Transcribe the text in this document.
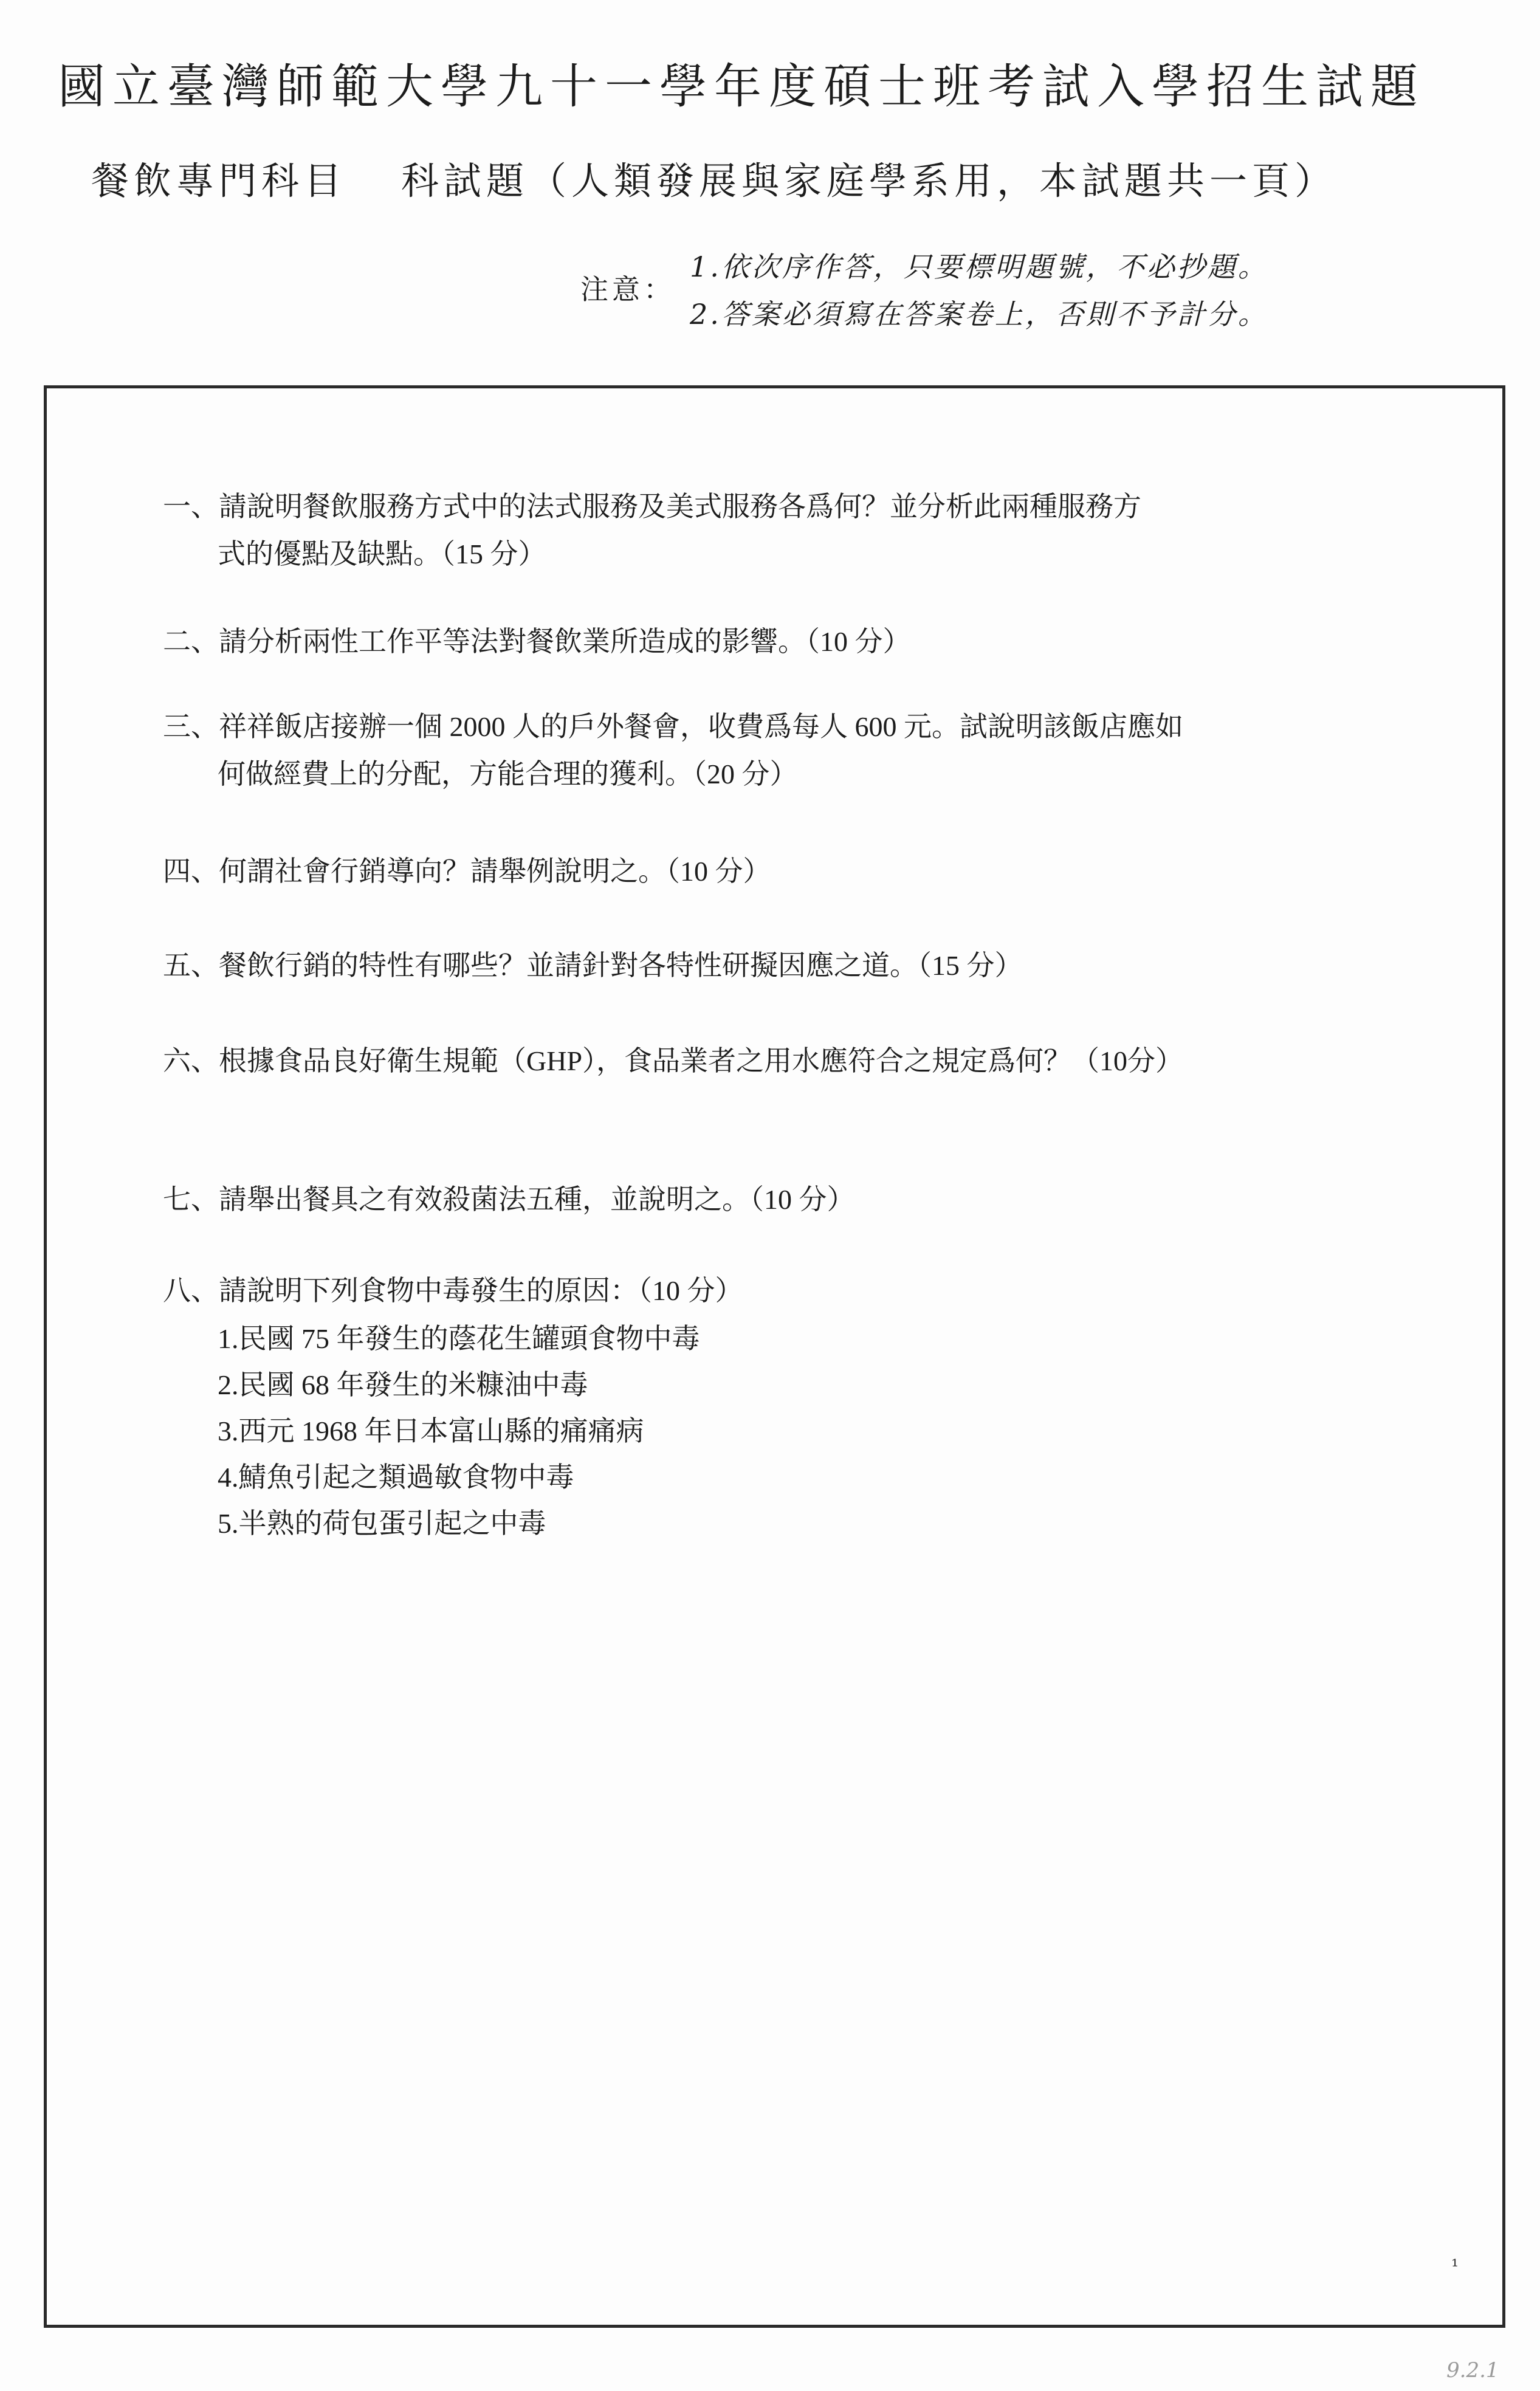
國立臺灣師範大學九十一學年度碩士班考試入學招生試題
餐飲專門科目 科試題（人類發展與家庭學系用，本試題共一頁）
注意：
1.依次序作答，只要標明題號，不必抄題。
2.答案必須寫在答案卷上，否則不予計分。
一、請說明餐飲服務方式中的法式服務及美式服務各爲何？並分析此兩種服務方
式的優點及缺點。（15 分）
二、請分析兩性工作平等法對餐飲業所造成的影響。（10 分）
三、祥祥飯店接辦一個 2000 人的戶外餐會，收費爲每人 600 元。試說明該飯店應如
何做經費上的分配，方能合理的獲利。（20 分）
四、何謂社會行銷導向？請舉例說明之。（10 分）
五、餐飲行銷的特性有哪些？並請針對各特性研擬因應之道。（15 分）
六、根據食品良好衛生規範（GHP），食品業者之用水應符合之規定爲何？（10分）
七、請舉出餐具之有效殺菌法五種，並說明之。（10 分）
八、請說明下列食物中毒發生的原因：（10 分）
1.民國 75 年發生的蔭花生罐頭食物中毒
2.民國 68 年發生的米糠油中毒
3.西元 1968 年日本富山縣的痛痛病
4.鯖魚引起之類過敏食物中毒
5.半熟的荷包蛋引起之中毒
¹
9.2.1
